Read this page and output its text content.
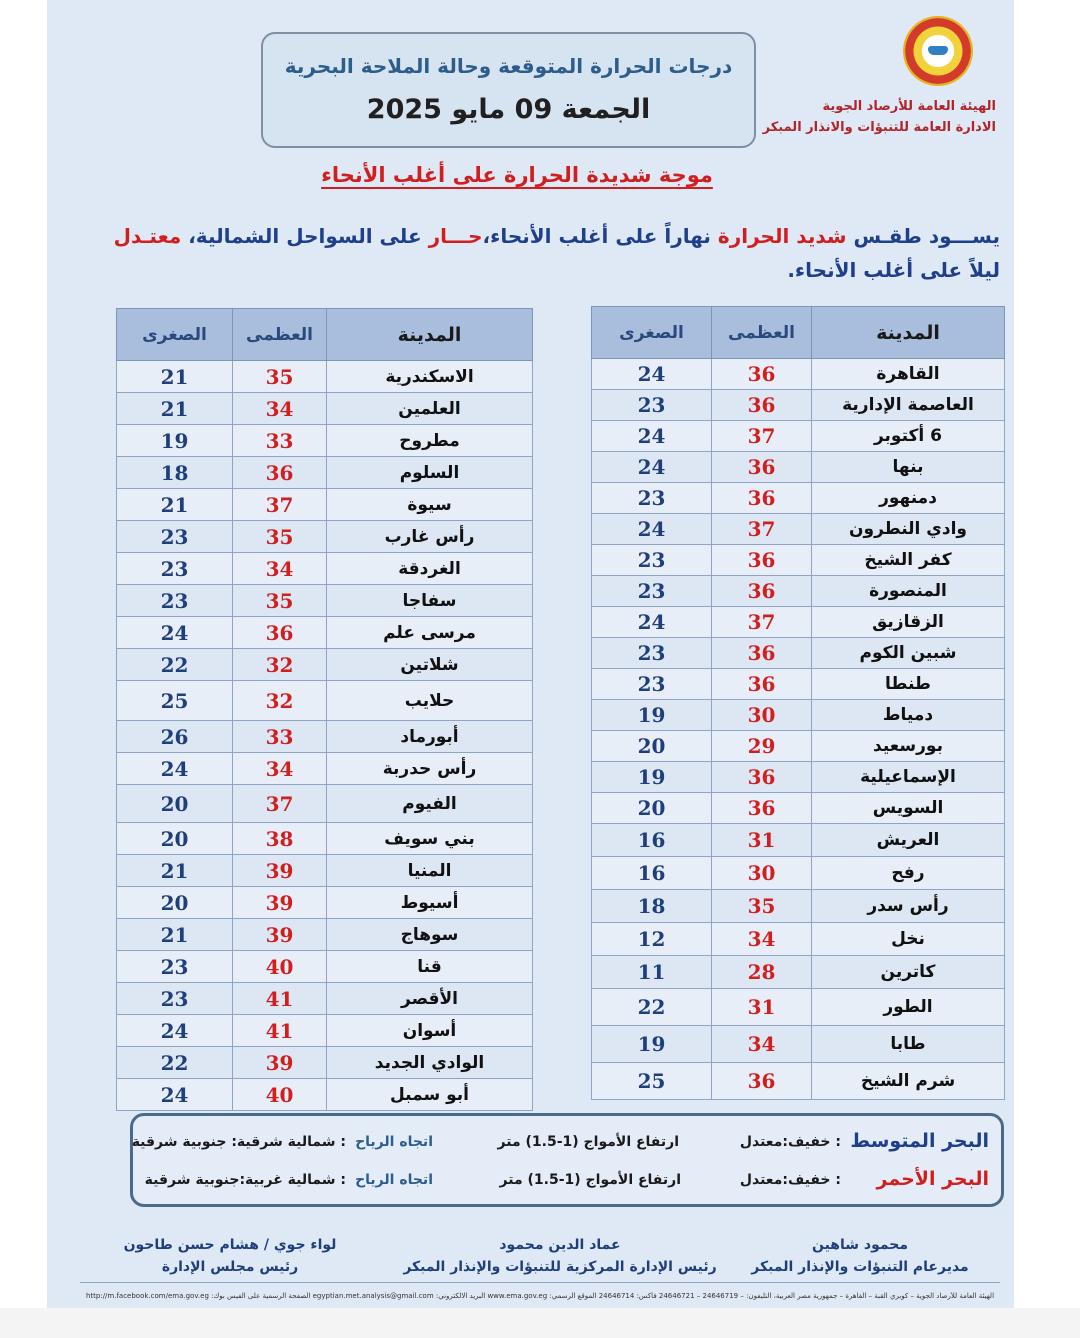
الهيئة العامة للأرصاد الجوية
الادارة العامة للتنبؤات والانذار المبكر
درجات الحرارة المتوقعة وحالة الملاحة البحرية
الجمعة 09 مايو 2025
موجة شديدة الحرارة على أغلب الأنحاء
يســـود طقـس شديد الحرارة نهاراً على أغلب الأنحاء،حـــار على السواحل الشمالية، معتـدل ليلاً على أغلب الأنحاء.
المدينة	العظمى	الصغرى
القاهرة	36	24
العاصمة الإدارية	36	23
6 أكتوبر	37	24
بنها	36	24
دمنهور	36	23
وادي النطرون	37	24
كفر الشيخ	36	23
المنصورة	36	23
الزقازيق	37	24
شبين الكوم	36	23
طنطا	36	23
دمياط	30	19
بورسعيد	29	20
الإسماعيلية	36	19
السويس	36	20
العريش	31	16
رفح	30	16
رأس سدر	35	18
نخل	34	12
كاترين	28	11
الطور	31	22
طابا	34	19
شرم الشيخ	36	25
المدينة	العظمى	الصغرى
الاسكندرية	35	21
العلمين	34	21
مطروح	33	19
السلوم	36	18
سيوة	37	21
رأس غارب	35	23
الغردقة	34	23
سفاجا	35	23
مرسى علم	36	24
شلاتين	32	22
حلايب	32	25
أبورماد	33	26
رأس حدربة	34	24
الفيوم	37	20
بني سويف	38	20
المنيا	39	21
أسيوط	39	20
سوهاج	39	21
قنا	40	23
الأقصر	41	23
أسوان	41	24
الوادي الجديد	39	22
أبو سمبل	40	24
البحر المتوسط
: خفيف:معتدل
ارتفاع الأمواج (1-1.5) متر
اتجاه الرياح
: شمالية شرقية: جنوبية شرقية
البحر الأحمر
: خفيف:معتدل
ارتفاع الأمواج (1-1.5) متر
اتجاه الرياح
: شمالية غربية:جنوبية شرقية
محمود شاهين
مديرعام التنبؤات والإنذار المبكر
عماد الدين محمود
رئيس الإدارة المركزية للتنبؤات والإنذار المبكر
لواء جوي / هشام حسن طاحون
رئيس مجلس الإدارة
الهيئة العامة للأرصاد الجوية – كوبري القبة – القاهرة – جمهورية مصر العربية، التليفون: – 24646719 – 24646721 فاكس: 24646714 الموقع الرسمي: www.ema.gov.eg البريد الالكتروني: egyptian.met.analysis@gmail.com الصفحة الرسمية على الفيس بوك: http://m.facebook.com/ema.gov.eg
